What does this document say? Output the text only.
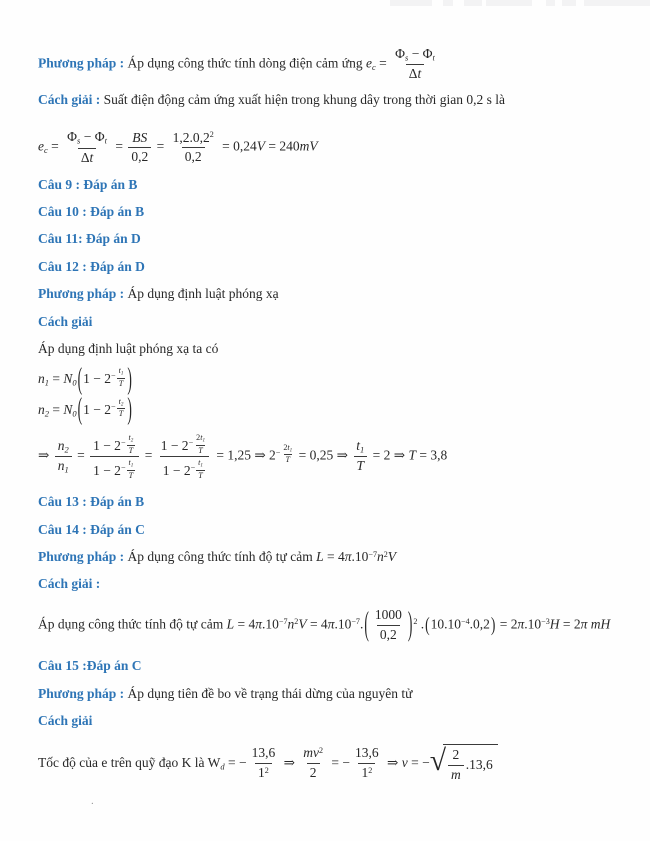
Phương pháp : Áp dụng công thức tính dòng điện cảm ứng $e_c = \frac{\Phi_s - \Phi_t}{\Delta t}$
Cách giải : Suất điện động cảm ứng xuất hiện trong khung dây trong thời gian 0,2 s là
$e_c = \frac{\Phi_s - \Phi_t}{\Delta t} = \frac{BS}{0,2} = \frac{1,2.0,22}{0,2} = 0,24V = 240mV$
Câu 9 : Đáp án B
Câu 10 : Đáp án B
Câu 11: Đáp án D
Câu 12 : Đáp án D
Phương pháp : Áp dụng định luật phóng xạ
Cách giải
Áp dụng định luật phóng xạ ta có
$n_1 = N_0(1 - 2- \frac{t_1}{T}$ )
$n_2 = N_0(1 - 2- \frac{t_2}{T}$ )
⇒ $\frac{n_2}{n_1} = \frac{1 - 2- \frac{t_2}{T}}{1 - 2- \frac{t_1}{T}} = \frac{1 - 2- \frac{2t_1}{T}}{1 - 2- \frac{t_1}{T}} = 1,25$ ⇒ $2- \frac{2t_1}{T} = 0,25$ ⇒ $\frac{t_1}{T} = 2$ ⇒ T = 3,8
Câu 13 : Đáp án B
Câu 14 : Đáp án C
Phương pháp : Áp dụng công thức tính độ tự cảm L = 4π.10−7n2V
Cách giải :
Áp dụng công thức tính độ tự cảm $L = 4\pi.10-7n2V = 4\pi.10-7.( \frac{1000}{0,2} )2$ .(10.10−4.0,2) = 2π.10−3H = 2π mH
Câu 15 :Đáp án C
Phương pháp : Áp dụng tiên đề bo về trạng thái dừng của nguyên tử
Cách giải
Tốc độ của e trên quỹ đạo K là $W_d$ = − $\frac{13,6}{12}$ ⇒ $\frac{mv2}{2}$ = − $\frac{13,6}{12}$ ⇒ v = − √ $\frac{2}{m} .13,6$
.
